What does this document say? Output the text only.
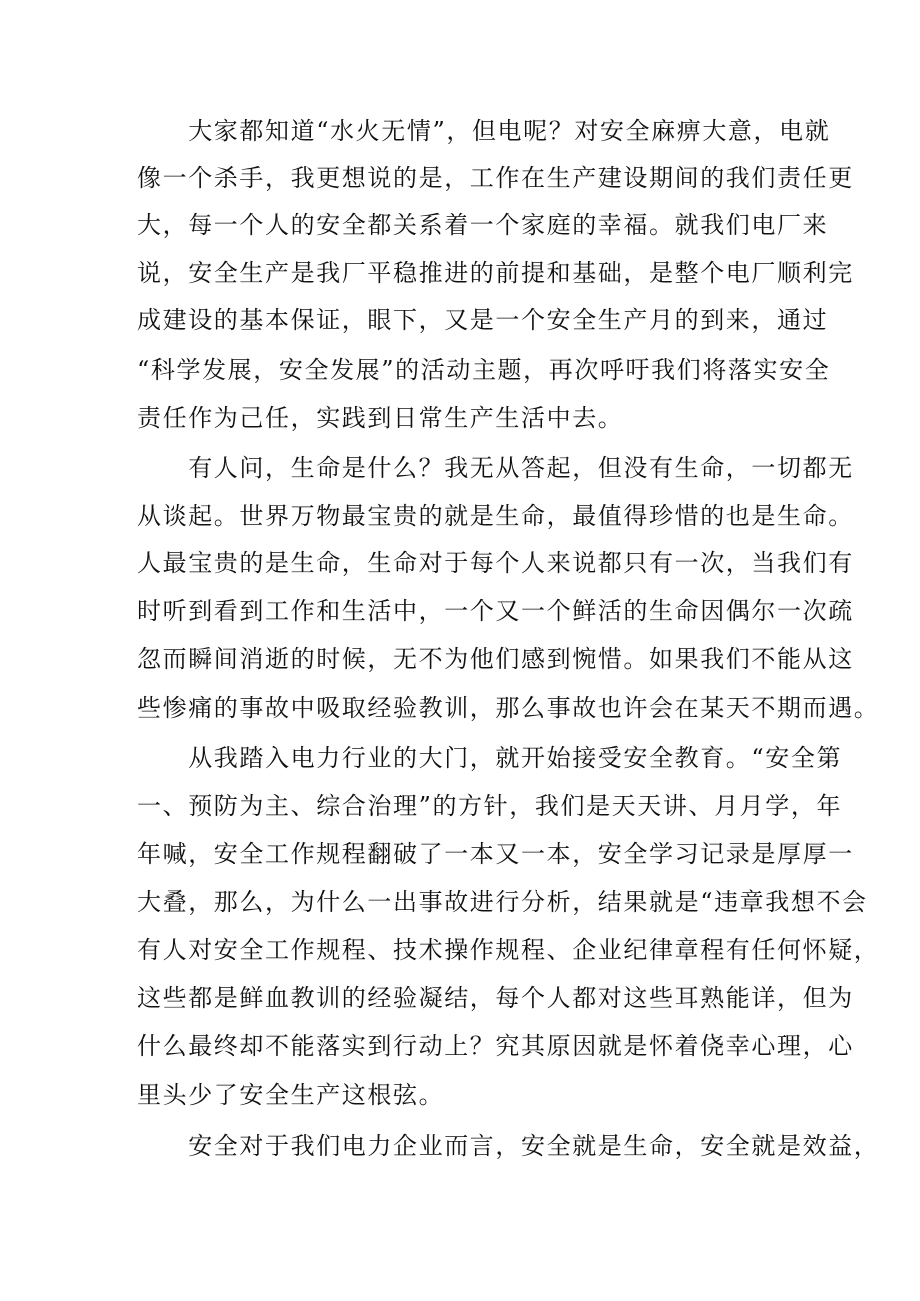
　　大家都知道“水火无情”，但电呢？对安全麻痹大意，电就
像一个杀手，我更想说的是，工作在生产建设期间的我们责任更
大，每一个人的安全都关系着一个家庭的幸福。就我们电厂来
说，安全生产是我厂平稳推进的前提和基础，是整个电厂顺利完
成建设的基本保证，眼下，又是一个安全生产月的到来，通过
“科学发展，安全发展”的活动主题，再次呼吁我们将落实安全
责任作为己任，实践到日常生产生活中去。
　　有人问，生命是什么？我无从答起，但没有生命，一切都无
从谈起。世界万物最宝贵的就是生命，最值得珍惜的也是生命。
人最宝贵的是生命，生命对于每个人来说都只有一次，当我们有
时听到看到工作和生活中，一个又一个鲜活的生命因偶尔一次疏
忽而瞬间消逝的时候，无不为他们感到惋惜。如果我们不能从这
些惨痛的事故中吸取经验教训，那么事故也许会在某天不期而遇。
　　从我踏入电力行业的大门，就开始接受安全教育。“安全第
一、预防为主、综合治理”的方针，我们是天天讲、月月学，年
年喊，安全工作规程翻破了一本又一本，安全学习记录是厚厚一
大叠，那么，为什么一出事故进行分析，结果就是“违章我想不会
有人对安全工作规程、技术操作规程、企业纪律章程有任何怀疑，
这些都是鲜血教训的经验凝结，每个人都对这些耳熟能详，但为
什么最终却不能落实到行动上？究其原因就是怀着侥幸心理，心
里头少了安全生产这根弦。
　　安全对于我们电力企业而言，安全就是生命，安全就是效益，
